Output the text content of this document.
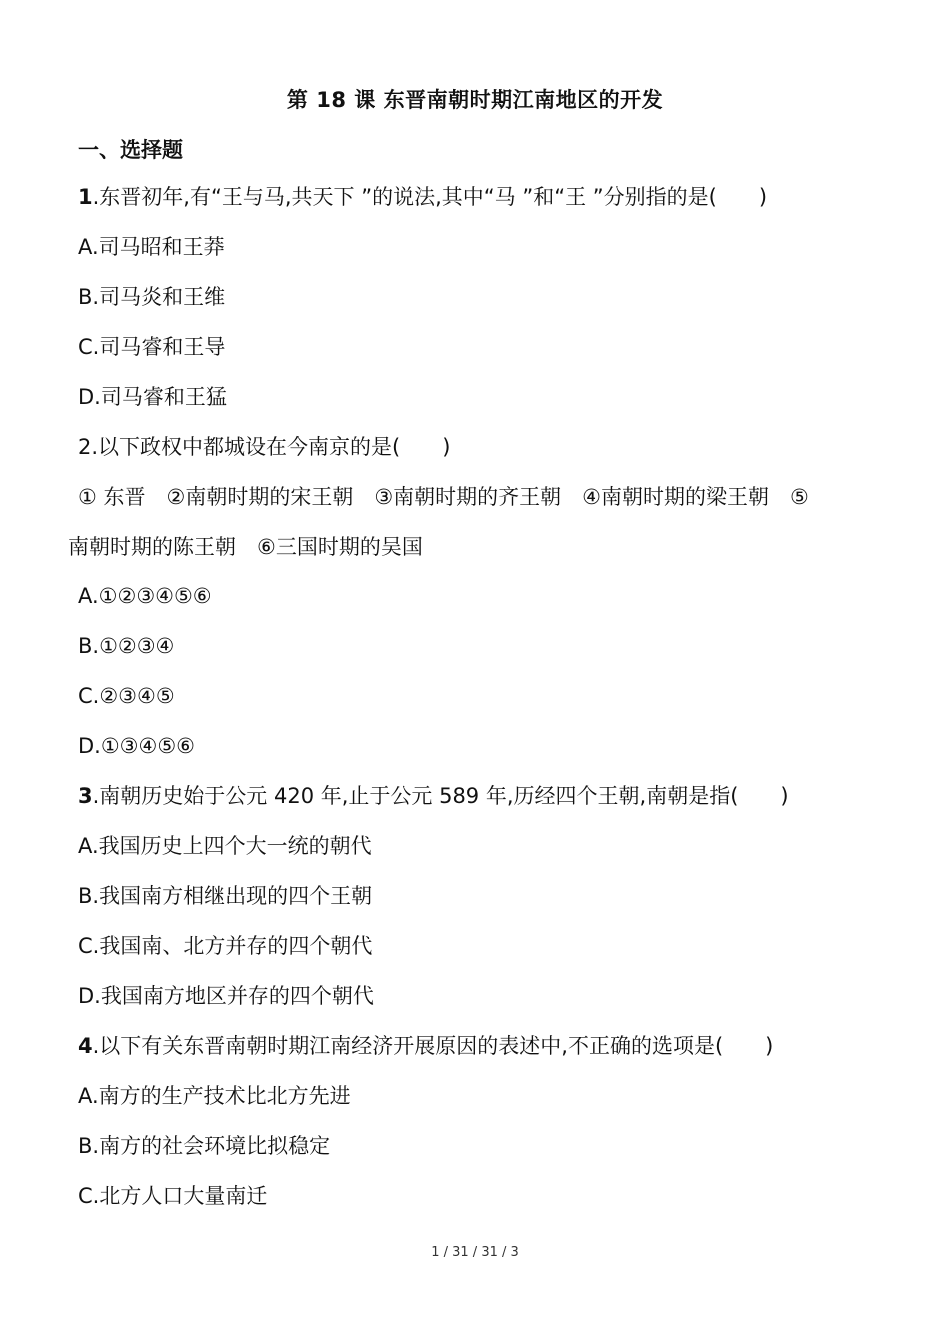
第 18 课 东晋南朝时期江南地区的开发
一、选择题
1.东晋初年,有“王与马,共天下 ”的说法,其中“马 ”和“王 ”分别指的是(　　)
A.司马昭和王莽
B.司马炎和王维
C.司马睿和王导
D.司马睿和王猛
2.以下政权中都城设在今南京的是(　　)
① 东晋　②南朝时期的宋王朝　③南朝时期的齐王朝　④南朝时期的梁王朝　⑤
南朝时期的陈王朝　⑥三国时期的吴国
A.①②③④⑤⑥
B.①②③④
C.②③④⑤
D.①③④⑤⑥
3.南朝历史始于公元 420 年,止于公元 589 年,历经四个王朝,南朝是指(　　)
A.我国历史上四个大一统的朝代
B.我国南方相继出现的四个王朝
C.我国南、北方并存的四个朝代
D.我国南方地区并存的四个朝代
4.以下有关东晋南朝时期江南经济开展原因的表述中,不正确的选项是(　　)
A.南方的生产技术比北方先进
B.南方的社会环境比拟稳定
C.北方人口大量南迁
1 / 31 / 31 / 3
